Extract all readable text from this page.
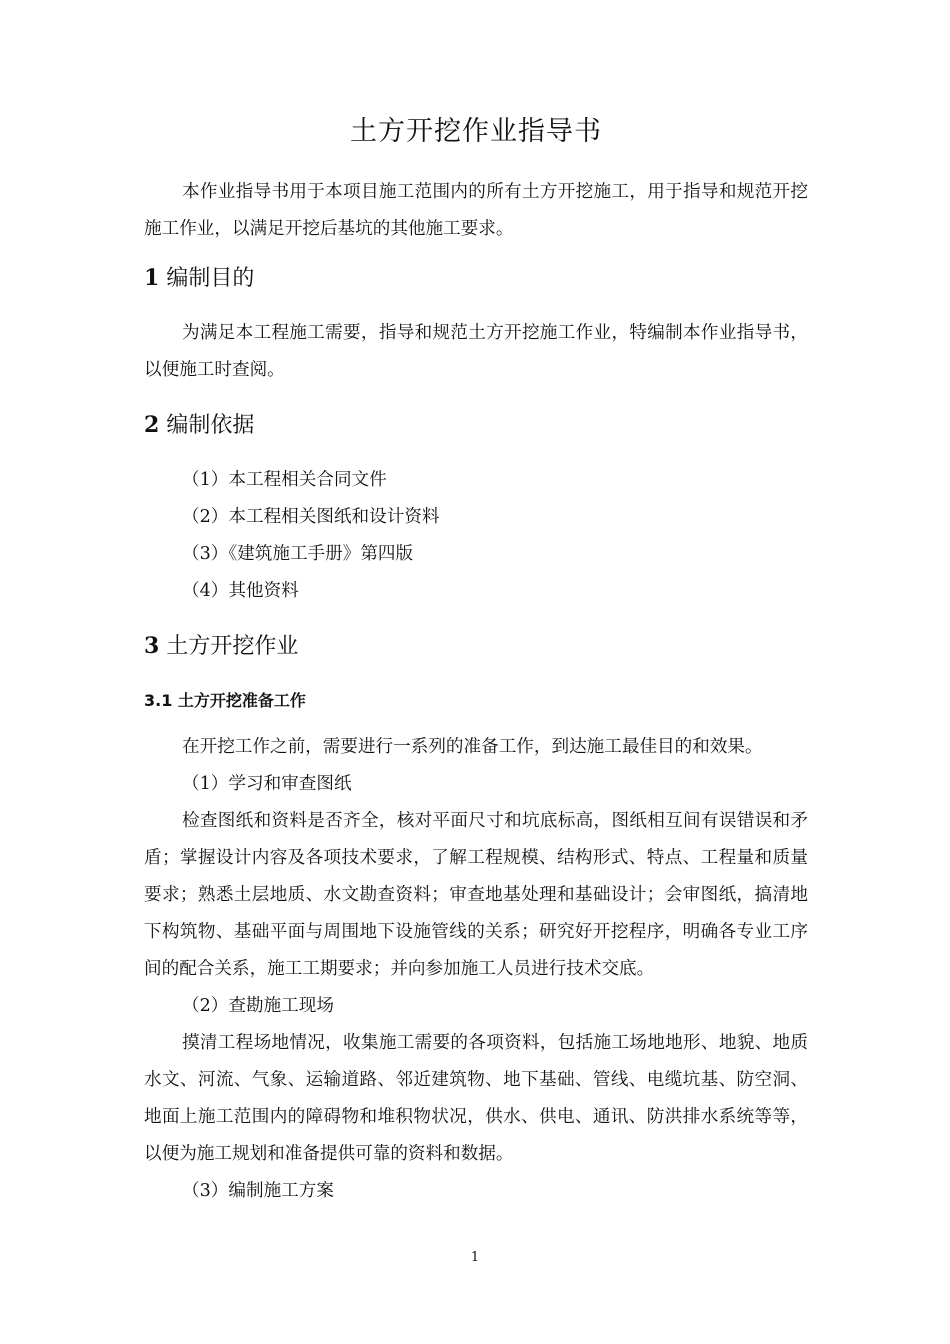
土方开挖作业指导书

本作业指导书用于本项目施工范围内的所有土方开挖施工，用于指导和规范开挖施工作业，以满足开挖后基坑的其他施工要求。

1 编制目的

为满足本工程施工需要，指导和规范土方开挖施工作业，特编制本作业指导书，以便施工时查阅。

2 编制依据
（1）本工程相关合同文件
（2）本工程相关图纸和设计资料
（3）《建筑施工手册》第四版
（4）其他资料
3 土方开挖作业
3.1 土方开挖准备工作

在开挖工作之前，需要进行一系列的准备工作，到达施工最佳目的和效果。

（1）学习和审查图纸

检查图纸和资料是否齐全，核对平面尺寸和坑底标高，图纸相互间有误错误和矛盾；掌握设计内容及各项技术要求，了解工程规模、结构形式、特点、工程量和质量要求；熟悉土层地质、水文勘查资料；审查地基处理和基础设计；会审图纸，搞清地下构筑物、基础平面与周围地下设施管线的关系；研究好开挖程序，明确各专业工序间的配合关系，施工工期要求；并向参加施工人员进行技术交底。

（2）查勘施工现场

摸清工程场地情况，收集施工需要的各项资料，包括施工场地地形、地貌、地质水文、河流、气象、运输道路、邻近建筑物、地下基础、管线、电缆坑基、防空洞、地面上施工范围内的障碍物和堆积物状况，供水、供电、通讯、防洪排水系统等等，以便为施工规划和准备提供可靠的资料和数据。

（3）编制施工方案

1
